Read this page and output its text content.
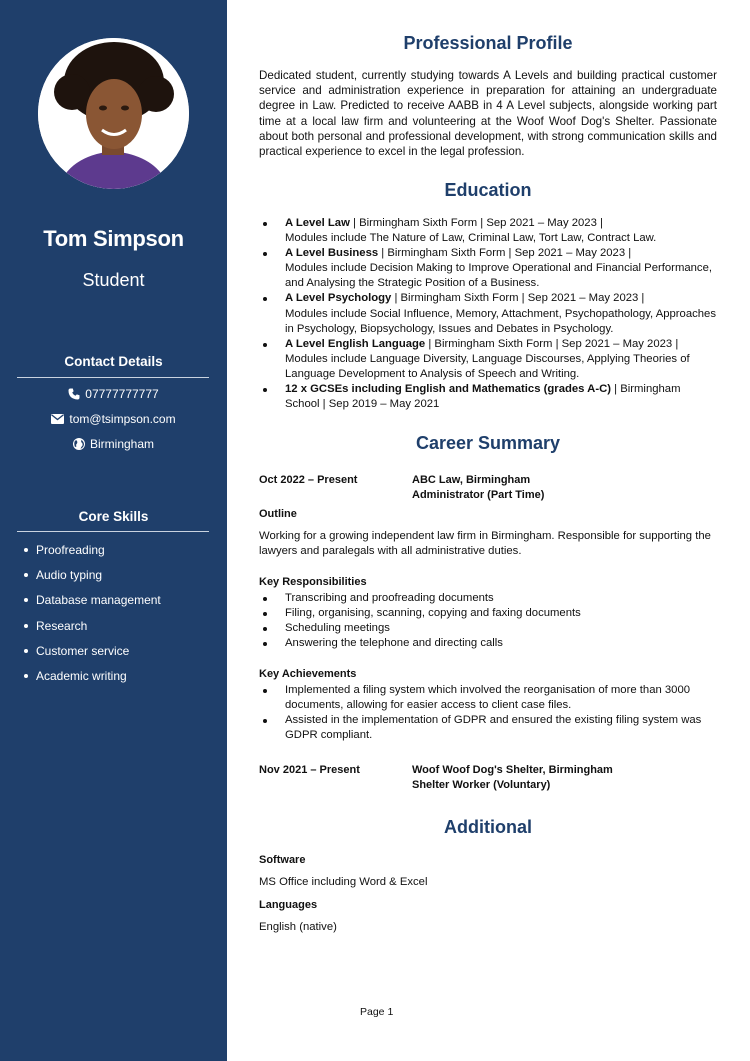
Tom Simpson
Student
Contact Details
07777777777
tom@tsimpson.com
Birmingham
Core Skills
Proofreading
Audio typing
Database management
Research
Customer service
Academic writing
Professional Profile
Dedicated student, currently studying towards A Levels and building practical customer service and administration experience in preparation for attaining an undergraduate degree in Law. Predicted to receive AABB in 4 A Level subjects, alongside working part time at a local law firm and volunteering at the Woof Woof Dog's Shelter. Passionate about both personal and professional development, with strong communication skills and practical experience to excel in the legal profession.
Education
A Level Law | Birmingham Sixth Form | Sep 2021 – May 2023 |
Modules include The Nature of Law, Criminal Law, Tort Law, Contract Law.
A Level Business | Birmingham Sixth Form | Sep 2021 – May 2023 |
Modules include Decision Making to Improve Operational and Financial Performance, and Analysing the Strategic Position of a Business.
A Level Psychology | Birmingham Sixth Form | Sep 2021 – May 2023 |
Modules include Social Influence, Memory, Attachment, Psychopathology, Approaches in Psychology, Biopsychology, Issues and Debates in Psychology.
A Level English Language | Birmingham Sixth Form | Sep 2021 – May 2023 |
Modules include Language Diversity, Language Discourses, Applying Theories of Language Development to Analysis of Speech and Writing.
12 x GCSEs including English and Mathematics (grades A-C) | Birmingham School | Sep 2019 – May 2021
Career Summary
Oct 2022 – Present	ABC Law, Birmingham
Administrator (Part Time)
Outline
Working for a growing independent law firm in Birmingham. Responsible for supporting the lawyers and paralegals with all administrative duties.
Key Responsibilities
Transcribing and proofreading documents
Filing, organising, scanning, copying and faxing documents
Scheduling meetings
Answering the telephone and directing calls
Key Achievements
Implemented a filing system which involved the reorganisation of more than 3000 documents, allowing for easier access to client case files.
Assisted in the implementation of GDPR and ensured the existing filing system was GDPR compliant.
Nov 2021 – Present	Woof Woof Dog's Shelter, Birmingham
Shelter Worker (Voluntary)
Additional
Software
MS Office including Word & Excel
Languages
English (native)
Page 1
